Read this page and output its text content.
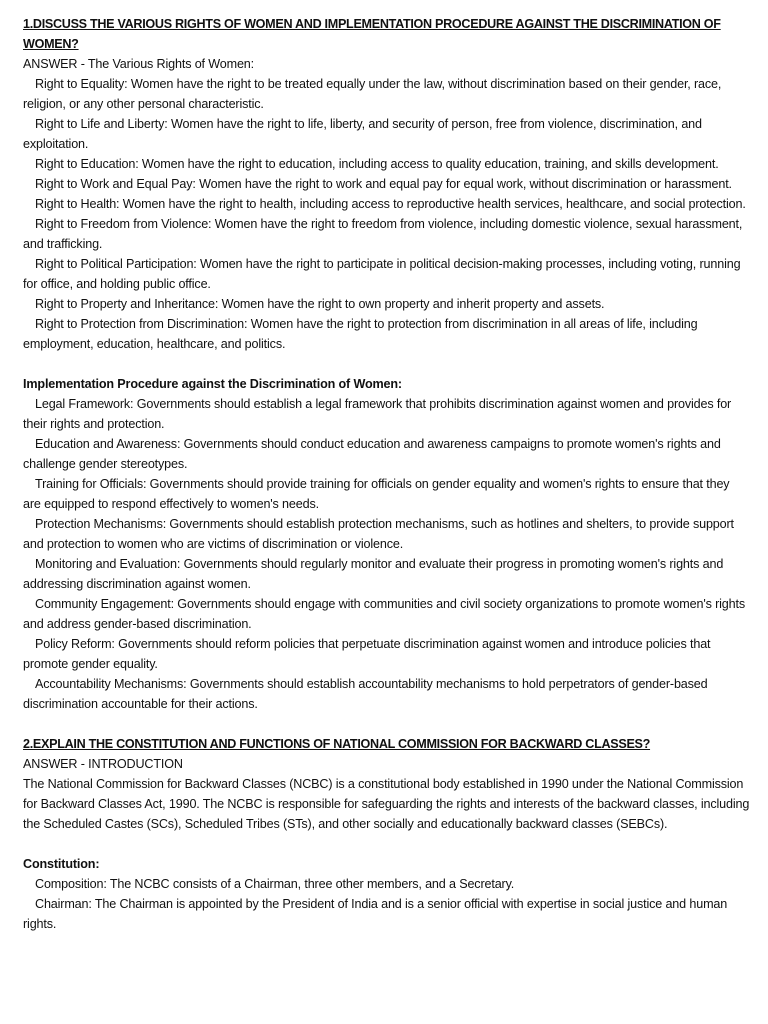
1.DISCUSS THE VARIOUS RIGHTS OF WOMEN AND IMPLEMENTATION PROCEDURE AGAINST THE DISCRIMINATION OF WOMEN?
ANSWER - The Various Rights of Women:
Right to Equality: Women have the right to be treated equally under the law, without discrimination based on their gender, race, religion, or any other personal characteristic.
Right to Life and Liberty: Women have the right to life, liberty, and security of person, free from violence, discrimination, and exploitation.
Right to Education: Women have the right to education, including access to quality education, training, and skills development.
Right to Work and Equal Pay: Women have the right to work and equal pay for equal work, without discrimination or harassment.
Right to Health: Women have the right to health, including access to reproductive health services, healthcare, and social protection.
Right to Freedom from Violence: Women have the right to freedom from violence, including domestic violence, sexual harassment, and trafficking.
Right to Political Participation: Women have the right to participate in political decision-making processes, including voting, running for office, and holding public office.
Right to Property and Inheritance: Women have the right to own property and inherit property and assets.
Right to Protection from Discrimination: Women have the right to protection from discrimination in all areas of life, including employment, education, healthcare, and politics.
Implementation Procedure against the Discrimination of Women:
Legal Framework: Governments should establish a legal framework that prohibits discrimination against women and provides for their rights and protection.
Education and Awareness: Governments should conduct education and awareness campaigns to promote women's rights and challenge gender stereotypes.
Training for Officials: Governments should provide training for officials on gender equality and women's rights to ensure that they are equipped to respond effectively to women's needs.
Protection Mechanisms: Governments should establish protection mechanisms, such as hotlines and shelters, to provide support and protection to women who are victims of discrimination or violence.
Monitoring and Evaluation: Governments should regularly monitor and evaluate their progress in promoting women's rights and addressing discrimination against women.
Community Engagement: Governments should engage with communities and civil society organizations to promote women's rights and address gender-based discrimination.
Policy Reform: Governments should reform policies that perpetuate discrimination against women and introduce policies that promote gender equality.
Accountability Mechanisms: Governments should establish accountability mechanisms to hold perpetrators of gender-based discrimination accountable for their actions.
2.EXPLAIN THE CONSTITUTION AND FUNCTIONS OF NATIONAL COMMISSION FOR BACKWARD CLASSES?
ANSWER - INTRODUCTION
The National Commission for Backward Classes (NCBC) is a constitutional body established in 1990 under the National Commission for Backward Classes Act, 1990. The NCBC is responsible for safeguarding the rights and interests of the backward classes, including the Scheduled Castes (SCs), Scheduled Tribes (STs), and other socially and educationally backward classes (SEBCs).
Constitution:
Composition: The NCBC consists of a Chairman, three other members, and a Secretary.
Chairman: The Chairman is appointed by the President of India and is a senior official with expertise in social justice and human rights.
